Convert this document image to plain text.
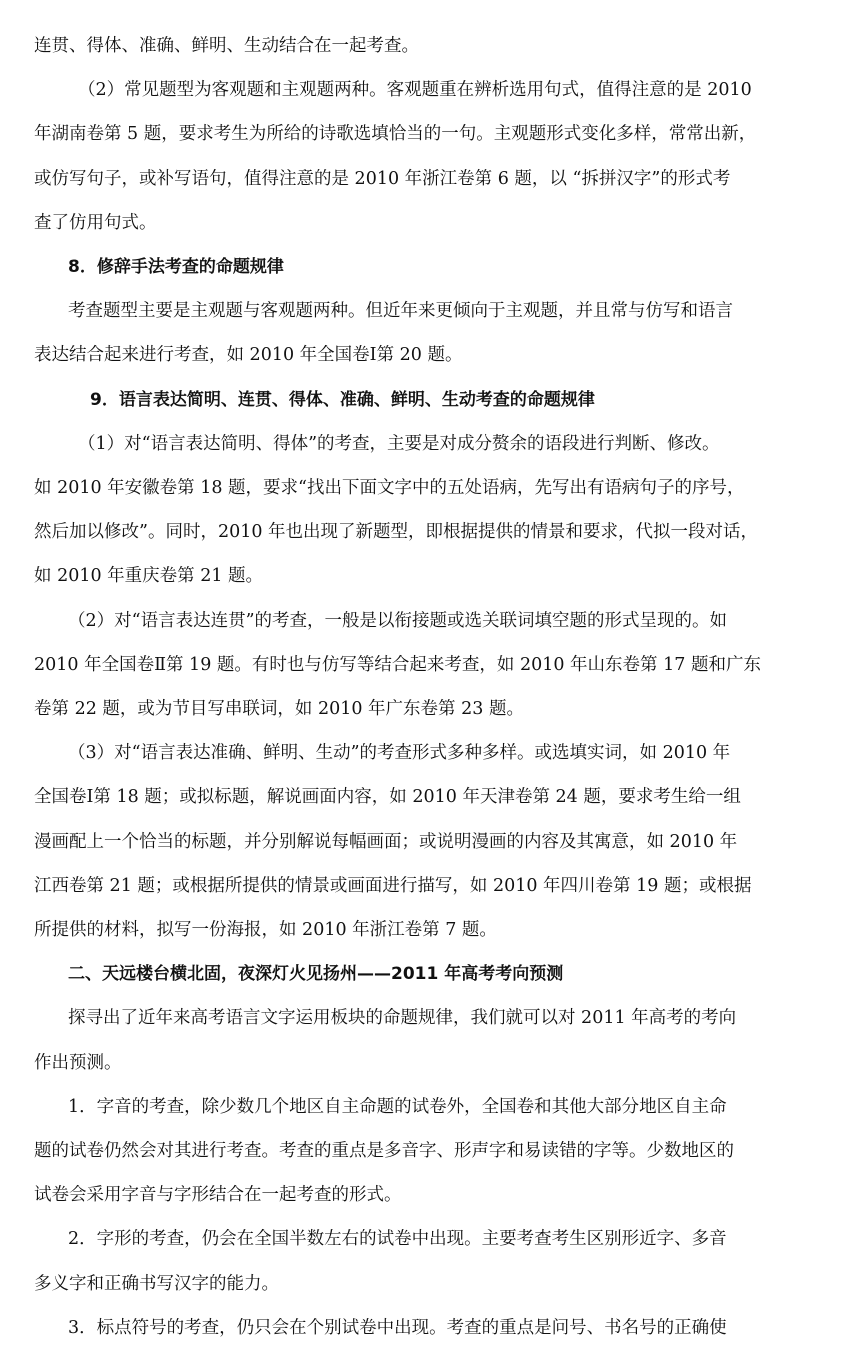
连贯、得体、准确、鲜明、生动结合在一起考查。
（2）常见题型为客观题和主观题两种。客观题重在辨析选用句式，值得注意的是 2010
年湖南卷第 5 题，要求考生为所给的诗歌选填恰当的一句。主观题形式变化多样，常常出新，
或仿写句子，或补写语句，值得注意的是 2010 年浙江卷第 6 题，以 “拆拼汉字”的形式考
查了仿用句式。
8．修辞手法考查的命题规律
考查题型主要是主观题与客观题两种。但近年来更倾向于主观题，并且常与仿写和语言
表达结合起来进行考查，如 2010 年全国卷Ⅰ第 20 题。
9．语言表达简明、连贯、得体、准确、鲜明、生动考查的命题规律
（1）对“语言表达简明、得体”的考查，主要是对成分赘余的语段进行判断、修改。
如 2010 年安徽卷第 18 题，要求“找出下面文字中的五处语病，先写出有语病句子的序号，
然后加以修改”。同时，2010 年也出现了新题型，即根据提供的情景和要求，代拟一段对话，
如 2010 年重庆卷第 21 题。
（2）对“语言表达连贯”的考查，一般是以衔接题或选关联词填空题的形式呈现的。如
2010 年全国卷Ⅱ第 19 题。有时也与仿写等结合起来考查，如 2010 年山东卷第 17 题和广东
卷第 22 题，或为节目写串联词，如 2010 年广东卷第 23 题。
（3）对“语言表达准确、鲜明、生动”的考查形式多种多样。或选填实词，如 2010 年
全国卷Ⅰ第 18 题；或拟标题，解说画面内容，如 2010 年天津卷第 24 题，要求考生给一组
漫画配上一个恰当的标题，并分别解说每幅画面；或说明漫画的内容及其寓意，如 2010 年
江西卷第 21 题；或根据所提供的情景或画面进行描写，如 2010 年四川卷第 19 题；或根据
所提供的材料，拟写一份海报，如 2010 年浙江卷第 7 题。
二、天远楼台横北固，夜深灯火见扬州——2011 年高考考向预测
探寻出了近年来高考语言文字运用板块的命题规律，我们就可以对 2011 年高考的考向
作出预测。
1．字音的考查，除少数几个地区自主命题的试卷外，全国卷和其他大部分地区自主命
题的试卷仍然会对其进行考查。考查的重点是多音字、形声字和易读错的字等。少数地区的
试卷会采用字音与字形结合在一起考查的形式。
2．字形的考查，仍会在全国半数左右的试卷中出现。主要考查考生区别形近字、多音
多义字和正确书写汉字的能力。
3．标点符号的考查，仍只会在个别试卷中出现。考查的重点是问号、书名号的正确使
